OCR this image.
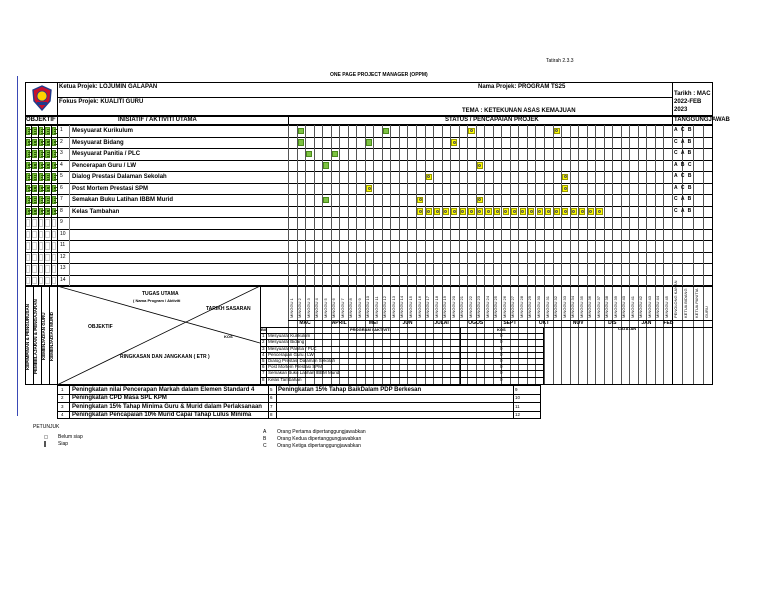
Tatirah 2.3.3
ONE PAGE PROJECT MANAGER (OPPM)
Ketua Projek: LOJUMIN GALAPAN	Nama Projek: PROGRAM TS25
Fokus Projek: KUALITI GURU
Tarikh : MAC 2022-FEB 2023
TEMA : KETEKUNAN ASAS KEMAJUAN
OBJEKTIF	INISIATIF / AKTIVITI UTAMA	STATUS / PENCAPAIAN PROJEK	TANGGUNGJAWAB
1 Mesyuarat Kurikulum	A C B
2 Mesyuarat Bidang	C A B
3 Mesyuarat Panitia / PLC	C A B
4 Pencerapan Guru / LW	A B C
5 Dialog Prestasi Dalaman Sekolah	A C B
6 Post Mortem Prestasi SPM	A C B
7 Semakan Buku Latihan IBBM Murid	C A B
8 Kelas Tambahan	C A B
9
10
11
12
13
14
KEPIMPINAN & PENGURUSAN PEMBELAJARAN & PENGAJARAN KEMENJADIAN GURU KEMENJADIAN MURID
TUGAS UTAMA
( Nama Program / Aktiviti
TARIKH SASARAN
OBJEKTIF
KOS
RINGKASAN DAN JANGKAAN ( ETR )
MINGGU 1 MINGGU 2 MINGGU 3 MINGGU 4 MINGGU 5 MINGGU 6 MINGGU 7 MINGGU 8 MINGGU 9 MINGGU 10 MINGGU 11 MINGGU 12 MINGGU 13 MINGGU 14 MINGGU 15 MINGGU 16 MINGGU 17 MINGGU 18 MINGGU 19 MINGGU 20 MINGGU 21 MINGGU 22 MINGGU 23 MINGGU 24 MINGGU 25 MINGGU 26 MINGGU 27 MINGGU 28 MINGGU 29 MINGGU 30 MINGGU 31 MINGGU 32 MINGGU 33 MINGGU 34 MINGGU 35 MINGGU 36 MINGGU 37 MINGGU 38 MINGGU 39 MINGGU 40 MINGGU 41 MINGGU 42 MINGGU 43 MINGGU 44 MINGGU 45
MAC	APRIL	MEI	JUN	JULAI	OGOS	SEPT	OKT	NOV	DIS	JAN	FEB
PENOLONG KANAN KETUA BIDANG KETUA PANITIA GURU
Bil	PROGRAM / AKTIVITI	KOS	CATATAN
1 Mesyuarat Kurikulum	0
2 Mesyuarat Bidang	0
3 Mesyuarat Panitia / PLC	0
4 Pencerapan Guru / LW	0
5 Dialog Prestasi Dalaman Sekolah	0
6 Post Mortem Prestasi SPM	0
7 Semakan Buku Latihan IBBM Murid	0
8 Kelas Tambahan	0
1 Peningkatan nilai Pencerapan Markah dalam Elemen Standard 4	5 Peningkatan 15% Tahap BaikDalam PDP Berkesan	9
2 Peningkatan CPD Masa SPL KPM	6	10
3 Peningkatan 15% Tahap Minima Guru & Murid dalam Perlaksanaan 7	11
4 Peningkatan Pencapaian 10% Murid Capai Tahap Lulus Minima	8	12
PETUNJUK
Belum siap
Siap
A Orang Pertama dipertanggungjawabkan
B Orang Kedua dipertanggungjawabkan
C Orang Ketiga dipertanggungjawabkan
